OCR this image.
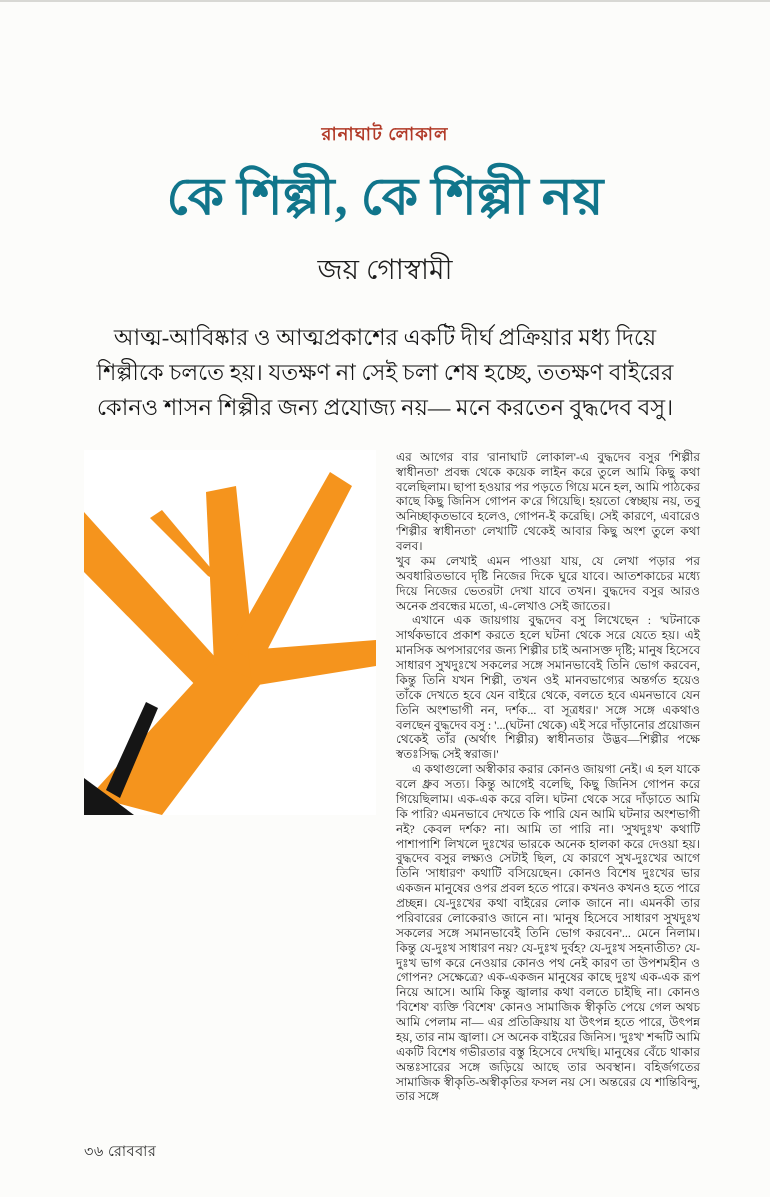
রানাঘাট লোকাল
কে শিল্পী, কে শিল্পী নয়
জয় গোস্বামী
আত্ম-আবিষ্কার ও আত্মপ্রকাশের একটি দীর্ঘ প্রক্রিয়ার মধ্য দিয়ে শিল্পীকে চলতে হয়। যতক্ষণ না সেই চলা শেষ হচ্ছে, ততক্ষণ বাইরের কোনও শাসন শিল্পীর জন্য প্রযোজ্য নয়— মনে করতেন বুদ্ধদেব বসু।

এর আগের বার 'রানাঘাট লোকাল'-এ বুদ্ধদেব বসুর 'শিল্পীর স্বাধীনতা' প্রবন্ধ থেকে কয়েক লাইন করে তুলে আমি কিছু কথা বলেছিলাম। ছাপা হওয়ার পর পড়তে গিয়ে মনে হল, আমি পাঠকের কাছে কিছু জিনিস গোপন ক'রে গিয়েছি। হয়তো স্বেচ্ছায় নয়, তবু অনিচ্ছাকৃতভাবে হলেও, গোপন-ই করেছি। সেই কারণে, এবারেও 'শিল্পীর স্বাধীনতা' লেখাটি থেকেই আবার কিছু অংশ তুলে কথা বলব।

খুব কম লেখাই এমন পাওয়া যায়, যে লেখা পড়ার পর অবধারিতভাবে দৃষ্টি নিজের দিকে ঘুরে যাবে। আতশকাচের মধ্যে দিয়ে নিজের ভেতরটা দেখা যাবে তখন। বুদ্ধদেব বসুর আরও অনেক প্রবন্ধের মতো, এ-লেখাও সেই জাতের।

এখানে এক জায়গায় বুদ্ধদেব বসু লিখেছেন : 'ঘটনাকে সার্থকভাবে প্রকাশ করতে হলে ঘটনা থেকে সরে যেতে হয়। এই মানসিক অপসারণের জন্য শিল্পীর চাই অনাসক্ত দৃষ্টি; মানুষ হিসেবে সাধারণ সুখদুঃখে সকলের সঙ্গে সমানভাবেই তিনি ভোগ করবেন, কিন্তু তিনি যখন শিল্পী, তখন ওই মানবভাগ্যের অন্তর্গত হয়েও তাঁকে দেখতে হবে যেন বাইরে থেকে, বলতে হবে এমনভাবে যেন তিনি অংশভাগী নন, দর্শক... বা সূত্রধর।' সঙ্গে সঙ্গে একথাও বলছেন বুদ্ধদেব বসু : '...(ঘটনা থেকে) এই সরে দাঁড়ানোর প্রয়োজন থেকেই তাঁর (অর্থাৎ শিল্পীর) স্বাধীনতার উদ্ভব—শিল্পীর পক্ষে স্বতঃসিদ্ধ সেই স্বরাজ।'

এ কথাগুলো অস্বীকার করার কোনও জায়গা নেই। এ হল যাকে বলে ধ্রুব সত্য। কিন্তু আগেই বলেছি, কিছু জিনিস গোপন করে গিয়েছিলাম। এক-এক করে বলি। ঘটনা থেকে সরে দাঁড়াতে আমি কি পারি? এমনভাবে দেখতে কি পারি যেন আমি ঘটনার অংশভাগী নই? কেবল দর্শক? না। আমি তা পারি না। 'সুখদুঃখ' কথাটি পাশাপাশি লিখলে দুঃখের ভারকে অনেক হালকা করে দেওয়া হয়। বুদ্ধদেব বসুর লক্ষ্যও সেটাই ছিল, যে কারণে সুখ-দুঃখের আগে তিনি 'সাধারণ' কথাটি বসিয়েছেন। কোনও বিশেষ দুঃখের ভার একজন মানুষের ওপর প্রবল হতে পারে। কখনও কখনও হতে পারে প্রচ্ছন্ন। যে-দুঃখের কথা বাইরের লোক জানে না। এমনকী তার পরিবারের লোকেরাও জানে না। 'মানুষ হিসেবে সাধারণ সুখদুঃখ সকলের সঙ্গে সমানভাবেই তিনি ভোগ করবেন'... মেনে নিলাম। কিন্তু যে-দুঃখ সাধারণ নয়? যে-দুঃখ দুর্বহ? যে-দুঃখ সহনাতীত? যে-দুঃখ ভাগ করে নেওয়ার কোনও পথ নেই কারণ তা উপশমহীন ও গোপন? সেক্ষেত্রে? এক-একজন মানুষের কাছে দুঃখ এক-এক রূপ নিয়ে আসে। আমি কিন্তু জ্বালার কথা বলতে চাইছি না। কোনও 'বিশেষ' ব্যক্তি 'বিশেষ' কোনও সামাজিক স্বীকৃতি পেয়ে গেল অথচ আমি পেলাম না— এর প্রতিক্রিয়ায় যা উৎপন্ন হতে পারে, উৎপন্ন হয়, তার নাম জ্বালা। সে অনেক বাইরের জিনিস। 'দুঃখ' শব্দটি আমি একটি বিশেষ গভীরতার বস্তু হিসেবে দেখছি। মানুষের বেঁচে থাকার অন্তঃসারের সঙ্গে জড়িয়ে আছে তার অবস্থান। বহির্জগতের সামাজিক স্বীকৃতি-অস্বীকৃতির ফসল নয় সে। অন্তরের যে শান্তিবিন্দু, তার সঙ্গে

৩৬ রোববার
